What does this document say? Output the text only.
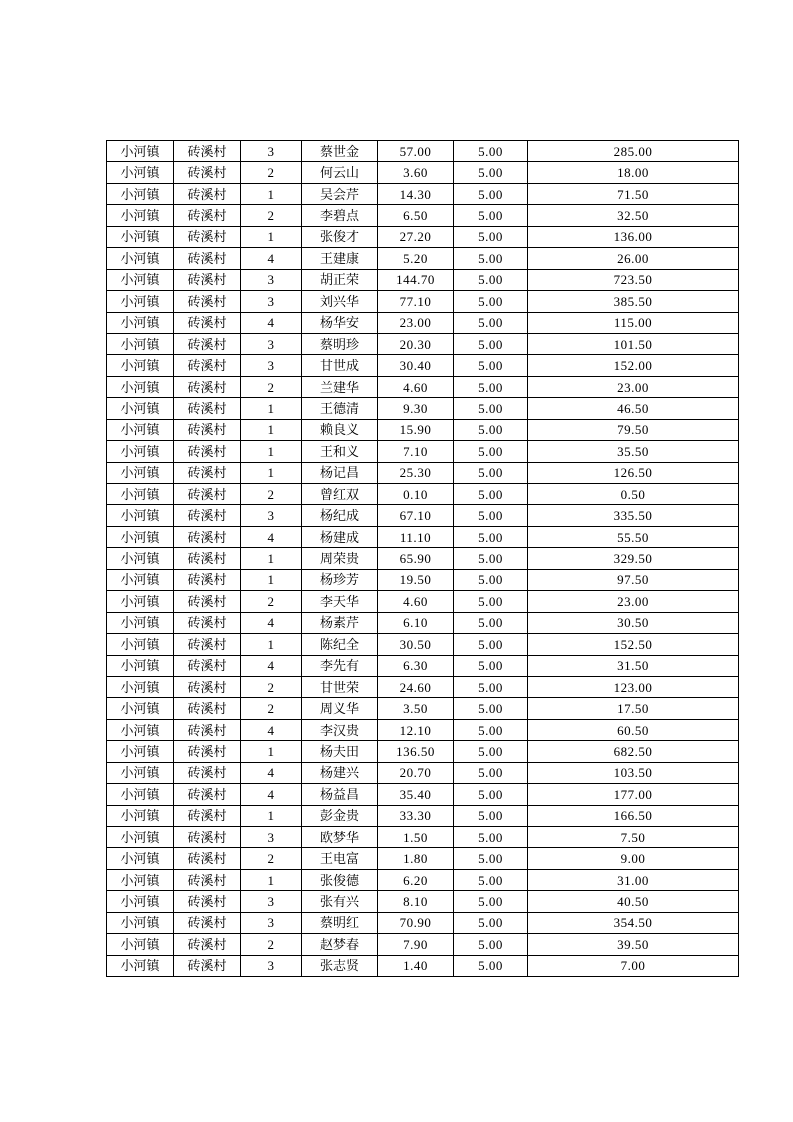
小河镇	砖溪村	3	蔡世金	57.00	5.00	285.00
小河镇	砖溪村	2	何云山	3.60	5.00	18.00
小河镇	砖溪村	1	吴会芹	14.30	5.00	71.50
小河镇	砖溪村	2	李碧点	6.50	5.00	32.50
小河镇	砖溪村	1	张俊才	27.20	5.00	136.00
小河镇	砖溪村	4	王建康	5.20	5.00	26.00
小河镇	砖溪村	3	胡正荣	144.70	5.00	723.50
小河镇	砖溪村	3	刘兴华	77.10	5.00	385.50
小河镇	砖溪村	4	杨华安	23.00	5.00	115.00
小河镇	砖溪村	3	蔡明珍	20.30	5.00	101.50
小河镇	砖溪村	3	甘世成	30.40	5.00	152.00
小河镇	砖溪村	2	兰建华	4.60	5.00	23.00
小河镇	砖溪村	1	王德清	9.30	5.00	46.50
小河镇	砖溪村	1	赖良义	15.90	5.00	79.50
小河镇	砖溪村	1	王和义	7.10	5.00	35.50
小河镇	砖溪村	1	杨记昌	25.30	5.00	126.50
小河镇	砖溪村	2	曾红双	0.10	5.00	0.50
小河镇	砖溪村	3	杨纪成	67.10	5.00	335.50
小河镇	砖溪村	4	杨建成	11.10	5.00	55.50
小河镇	砖溪村	1	周荣贵	65.90	5.00	329.50
小河镇	砖溪村	1	杨珍芳	19.50	5.00	97.50
小河镇	砖溪村	2	李天华	4.60	5.00	23.00
小河镇	砖溪村	4	杨素芹	6.10	5.00	30.50
小河镇	砖溪村	1	陈纪全	30.50	5.00	152.50
小河镇	砖溪村	4	李先有	6.30	5.00	31.50
小河镇	砖溪村	2	甘世荣	24.60	5.00	123.00
小河镇	砖溪村	2	周义华	3.50	5.00	17.50
小河镇	砖溪村	4	李汉贵	12.10	5.00	60.50
小河镇	砖溪村	1	杨夫田	136.50	5.00	682.50
小河镇	砖溪村	4	杨建兴	20.70	5.00	103.50
小河镇	砖溪村	4	杨益昌	35.40	5.00	177.00
小河镇	砖溪村	1	彭金贵	33.30	5.00	166.50
小河镇	砖溪村	3	欧梦华	1.50	5.00	7.50
小河镇	砖溪村	2	王电富	1.80	5.00	9.00
小河镇	砖溪村	1	张俊德	6.20	5.00	31.00
小河镇	砖溪村	3	张有兴	8.10	5.00	40.50
小河镇	砖溪村	3	蔡明红	70.90	5.00	354.50
小河镇	砖溪村	2	赵梦春	7.90	5.00	39.50
小河镇	砖溪村	3	张志贤	1.40	5.00	7.00
